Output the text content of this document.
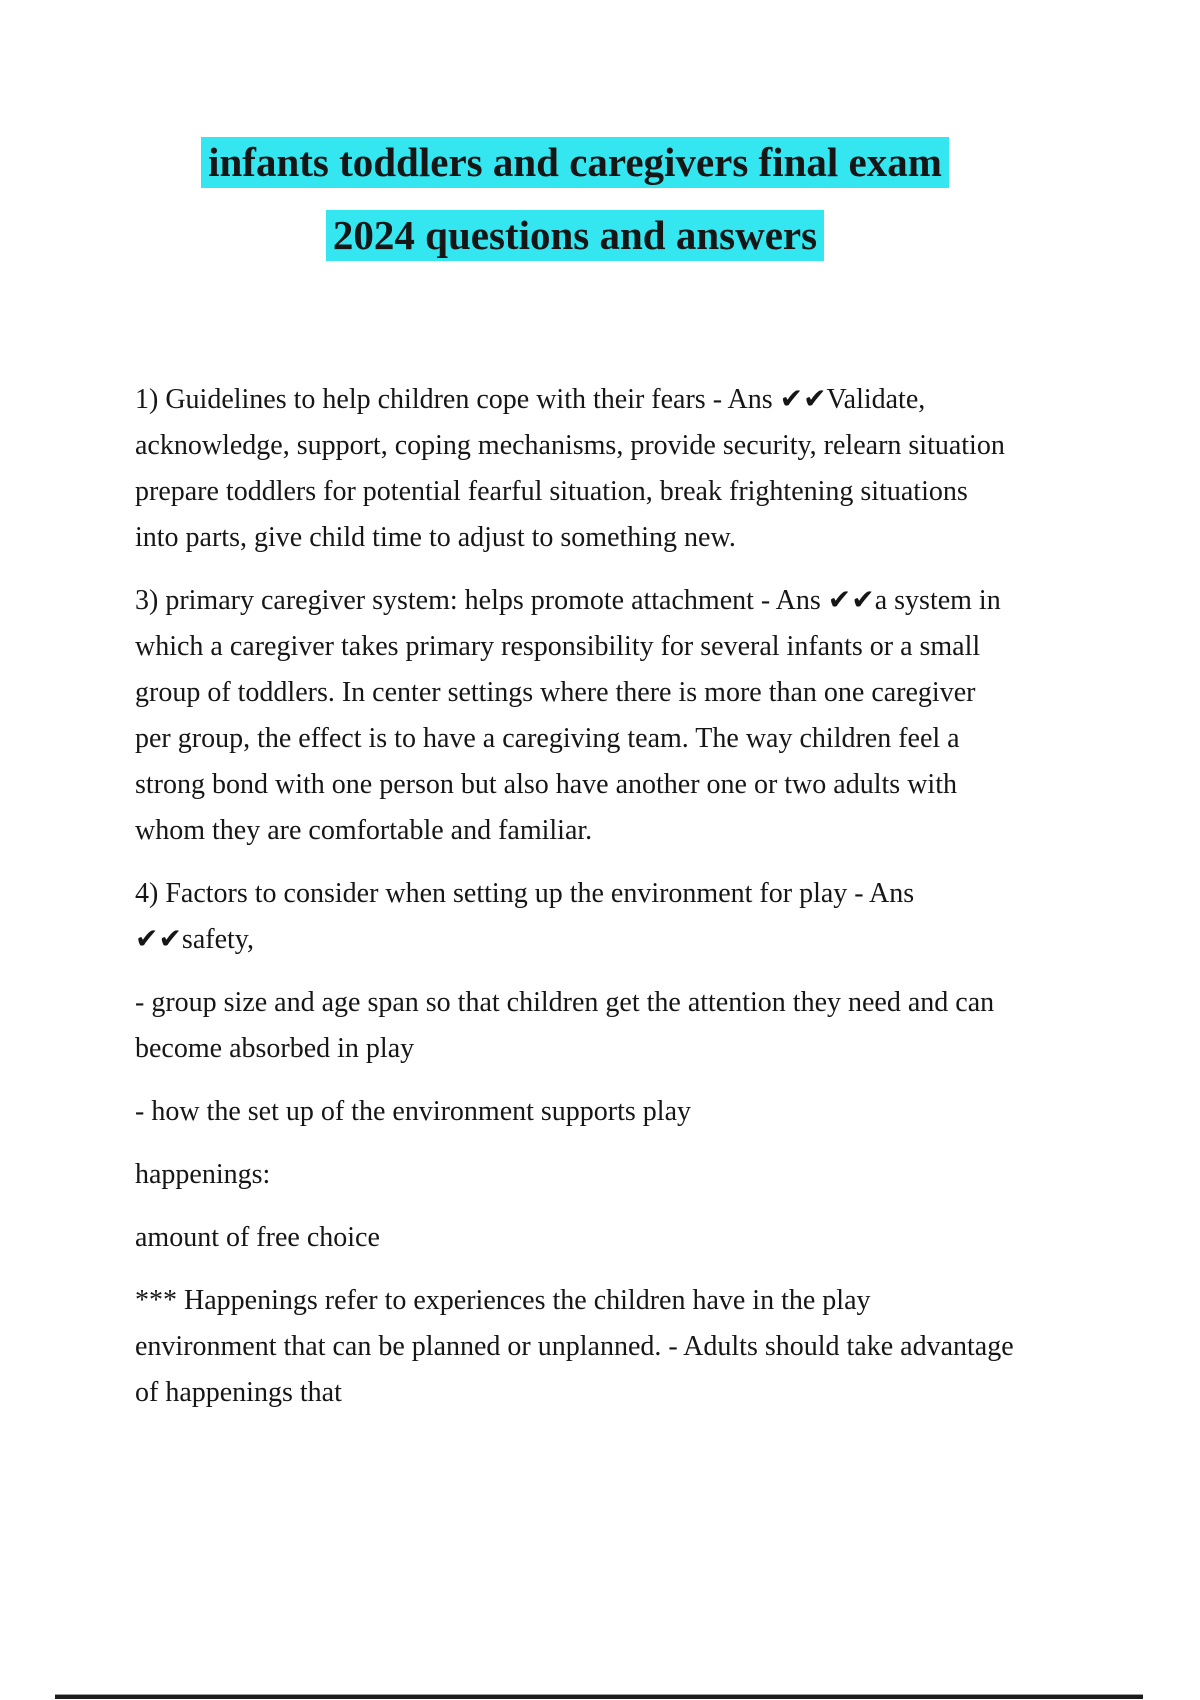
infants toddlers and caregivers final exam
2024 questions and answers

1) Guidelines to help children cope with their fears - Ans ✔✔Validate, acknowledge, support, coping mechanisms, provide security, relearn situation prepare toddlers for potential fearful situation, break frightening situations into parts, give child time to adjust to something new.

3) primary caregiver system: helps promote attachment - Ans ✔✔a system in which a caregiver takes primary responsibility for several infants or a small group of toddlers. In center settings where there is more than one caregiver per group, the effect is to have a caregiving team. The way children feel a strong bond with one person but also have another one or two adults with whom they are comfortable and familiar.

4) Factors to consider when setting up the environment for play - Ans ✔✔safety,

- group size and age span so that children get the attention they need and can become absorbed in play

- how the set up of the environment supports play

happenings:

amount of free choice

*** Happenings refer to experiences the children have in the play environment that can be planned or unplanned. - Adults should take advantage of happenings that
